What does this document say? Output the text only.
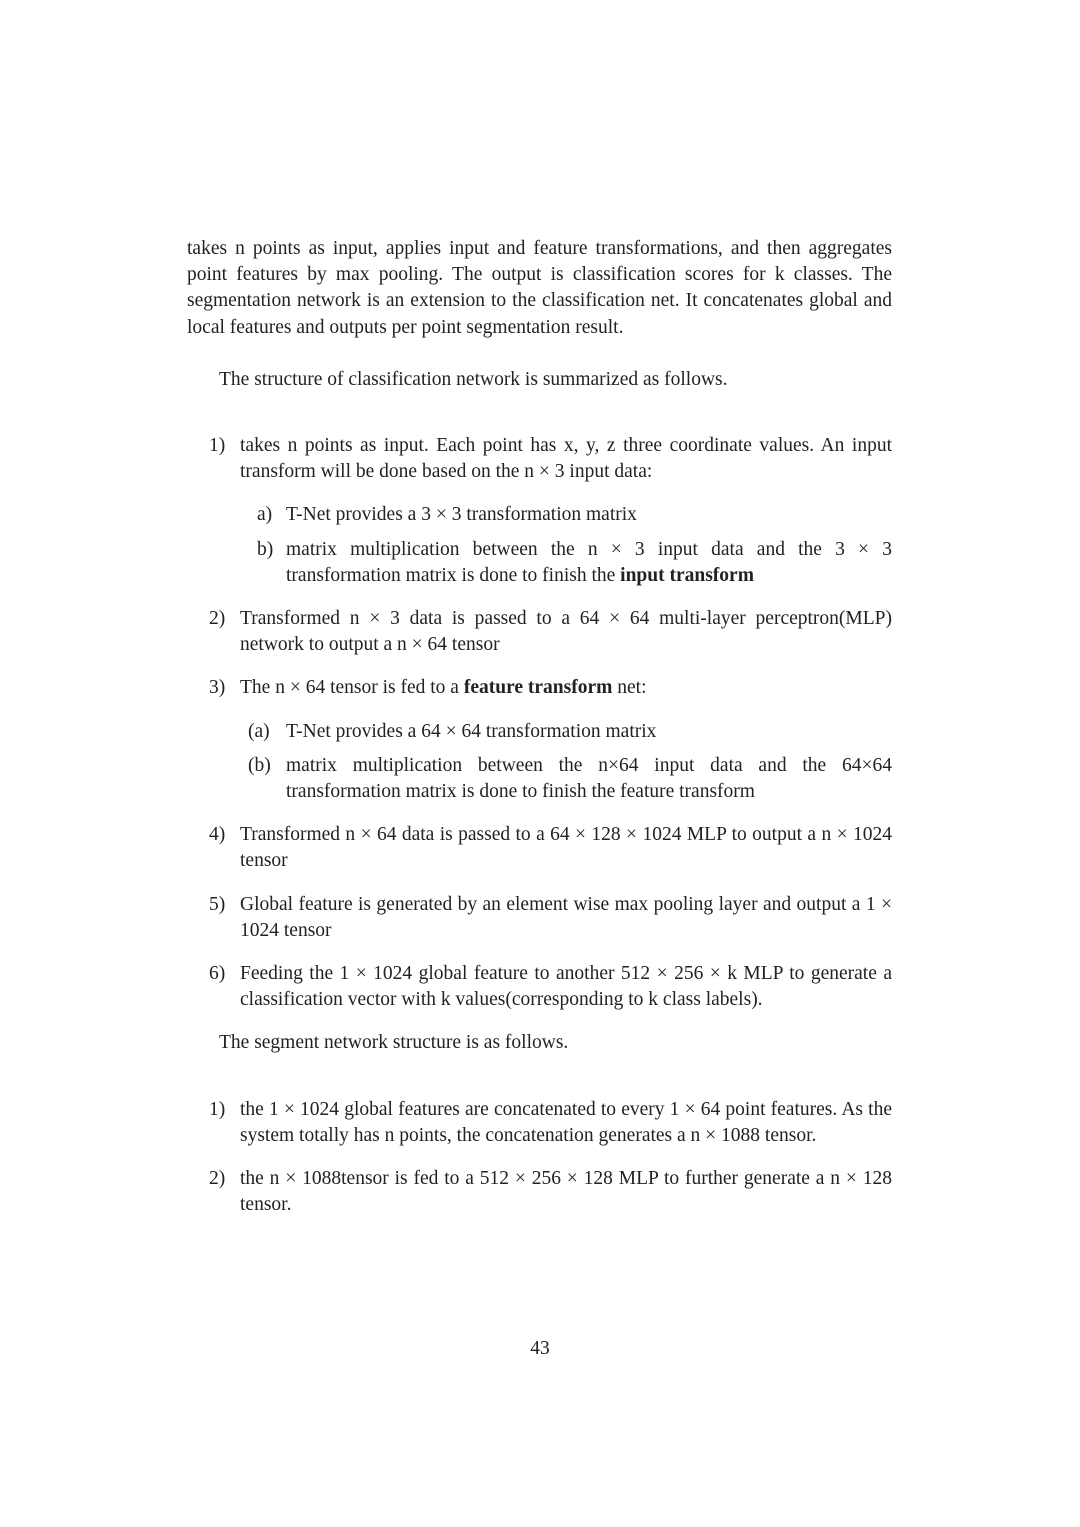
takes n points as input, applies input and feature transformations, and then aggregates point features by max pooling. The output is classification scores for k classes. The segmentation network is an extension to the classification net. It concatenates global and local features and outputs per point segmentation result.

The structure of classification network is summarized as follows.

1) takes n points as input. Each point has x, y, z three coordinate values. An input transform will be done based on the n × 3 input data:
a) T-Net provides a 3 × 3 transformation matrix
b) matrix multiplication between the n × 3 input data and the 3 × 3 transformation matrix is done to finish the input transform
2) Transformed n × 3 data is passed to a 64 × 64 multi-layer perceptron(MLP) network to output a n × 64 tensor
3) The n × 64 tensor is fed to a feature transform net:
(a) T-Net provides a 64 × 64 transformation matrix
(b) matrix multiplication between the n×64 input data and the 64×64 transformation matrix is done to finish the feature transform
4) Transformed n × 64 data is passed to a 64 × 128 × 1024 MLP to output a n × 1024 tensor
5) Global feature is generated by an element wise max pooling layer and output a 1 × 1024 tensor
6) Feeding the 1 × 1024 global feature to another 512 × 256 × k MLP to generate a classification vector with k values(corresponding to k class labels).

The segment network structure is as follows.

1) the 1 × 1024 global features are concatenated to every 1 × 64 point features. As the system totally has n points, the concatenation generates a n × 1088 tensor.
2) the n × 1088tensor is fed to a 512 × 256 × 128 MLP to further generate a n × 128 tensor.
43
